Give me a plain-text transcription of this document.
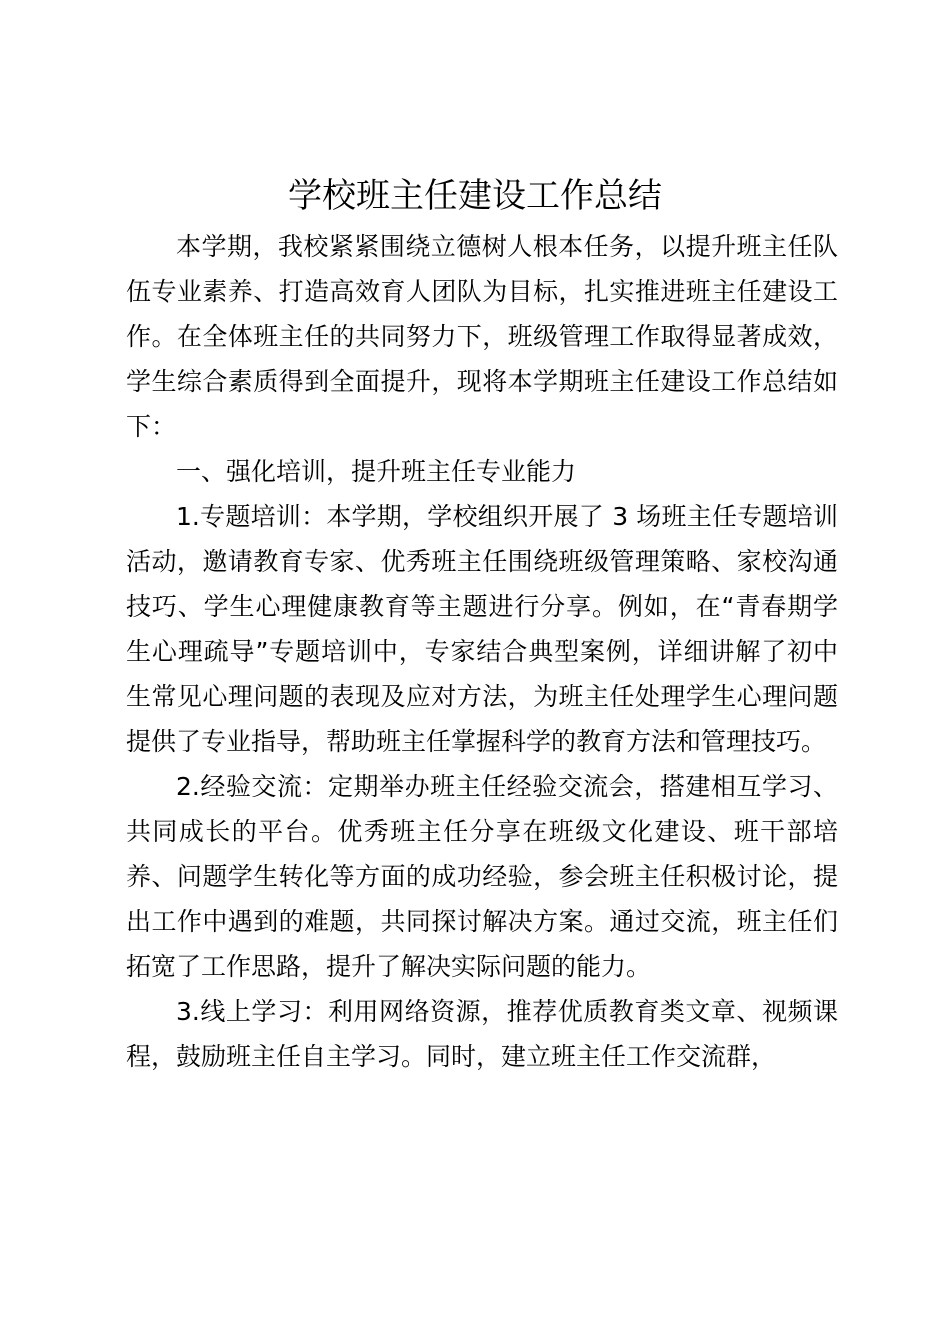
学校班主任建设工作总结

本学期，我校紧紧围绕立德树人根本任务，以提升班主任队伍专业素养、打造高效育人团队为目标，扎实推进班主任建设工作。在全体班主任的共同努力下，班级管理工作取得显著成效，学生综合素质得到全面提升，现将本学期班主任建设工作总结如下：

一、强化培训，提升班主任专业能力

1.专题培训：本学期，学校组织开展了 3 场班主任专题培训活动，邀请教育专家、优秀班主任围绕班级管理策略、家校沟通技巧、学生心理健康教育等主题进行分享。例如，在“青春期学生心理疏导”专题培训中，专家结合典型案例，详细讲解了初中生常见心理问题的表现及应对方法，为班主任处理学生心理问题提供了专业指导，帮助班主任掌握科学的教育方法和管理技巧。

2.经验交流：定期举办班主任经验交流会，搭建相互学习、共同成长的平台。优秀班主任分享在班级文化建设、班干部培养、问题学生转化等方面的成功经验，参会班主任积极讨论，提出工作中遇到的难题，共同探讨解决方案。通过交流，班主任们拓宽了工作思路，提升了解决实际问题的能力。

3.线上学习：利用网络资源，推荐优质教育类文章、视频课程，鼓励班主任自主学习。同时，建立班主任工作交流群，
